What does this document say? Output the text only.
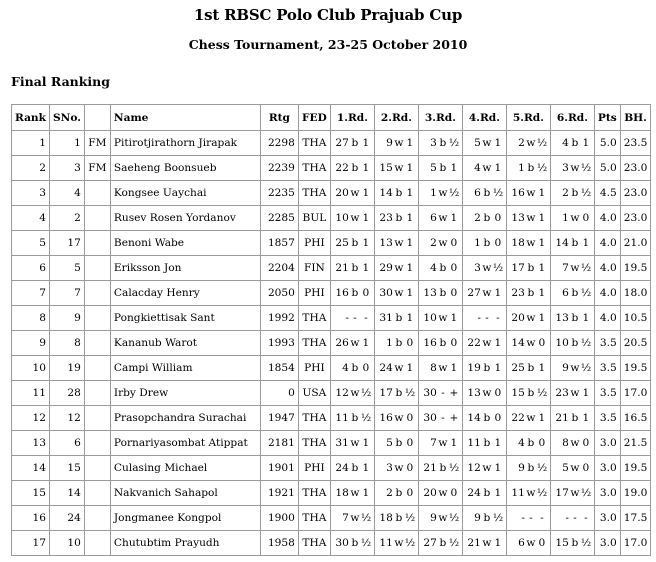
1st RBSC Polo Club Prajuab Cup
Chess Tournament, 23-25 October 2010
Final Ranking
Rank	SNo.		Name	Rtg	FED	1.Rd.	2.Rd.	3.Rd.	4.Rd.	5.Rd.	6.Rd.	Pts	BH.
1	1	FM	Pitirotjirathorn Jirapak	2298	THA	27 b 1	9 w 1	3 b ½	5 w 1	2 w ½	4 b 1	5.0	23.5
2	3	FM	Saeheng Boonsueb	2239	THA	22 b 1	15 w 1	5 b 1	4 w 1	1 b ½	3 w ½	5.0	23.0
3	4		Kongsee Uaychai	2235	THA	20 w 1	14 b 1	1 w ½	6 b ½	16 w 1	2 b ½	4.5	23.0
4	2		Rusev Rosen Yordanov	2285	BUL	10 w 1	23 b 1	6 w 1	2 b 0	13 w 1	1 w 0	4.0	23.0
5	17		Benoni Wabe	1857	PHI	25 b 1	13 w 1	2 w 0	1 b 0	18 w 1	14 b 1	4.0	21.0
6	5		Eriksson Jon	2204	FIN	21 b 1	29 w 1	4 b 0	3 w ½	17 b 1	7 w ½	4.0	19.5
7	7		Calacday Henry	2050	PHI	16 b 0	30 w 1	13 b 0	27 w 1	23 b 1	6 b ½	4.0	18.0
8	9		Pongkiettisak Sant	1992	THA	- - -	31 b 1	10 w 1	- - -	20 w 1	13 b 1	4.0	10.5
9	8		Kananub Warot	1993	THA	26 w 1	1 b 0	16 b 0	22 w 1	14 w 0	10 b ½	3.5	20.5
10	19		Campi William	1854	PHI	4 b 0	24 w 1	8 w 1	19 b 1	25 b 1	9 w ½	3.5	19.5
11	28		Irby Drew	0	USA	12 w ½	17 b ½	30 - +	13 w 0	15 b ½	23 w 1	3.5	17.0
12	12		Prasopchandra Surachai	1947	THA	11 b ½	16 w 0	30 - +	14 b 0	22 w 1	21 b 1	3.5	16.5
13	6		Pornariyasombat Atippat	2181	THA	31 w 1	5 b 0	7 w 1	11 b 1	4 b 0	8 w 0	3.0	21.5
14	15		Culasing Michael	1901	PHI	24 b 1	3 w 0	21 b ½	12 w 1	9 b ½	5 w 0	3.0	19.5
15	14		Nakvanich Sahapol	1921	THA	18 w 1	2 b 0	20 w 0	24 b 1	11 w ½	17 w ½	3.0	19.0
16	24		Jongmanee Kongpol	1900	THA	7 w ½	18 b ½	9 w ½	9 b ½	- - -	- - -	3.0	17.5
17	10		Chutubtim Prayudh	1958	THA	30 b ½	11 w ½	27 b ½	21 w 1	6 w 0	15 b ½	3.0	17.0
